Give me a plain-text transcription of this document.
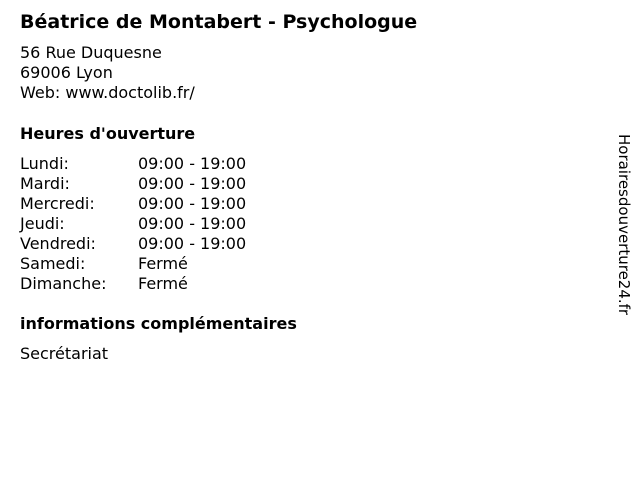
Béatrice de Montabert - Psychologue
56 Rue Duquesne
69006 Lyon
Web: www.doctolib.fr/
Heures d'ouverture
Lundi:	09:00 - 19:00
Mardi:	09:00 - 19:00
Mercredi:	09:00 - 19:00
Jeudi:	09:00 - 19:00
Vendredi:	09:00 - 19:00
Samedi:	Fermé
Dimanche: Fermé
informations complémentaires
Secrétariat
Horairesdouverture24.fr
